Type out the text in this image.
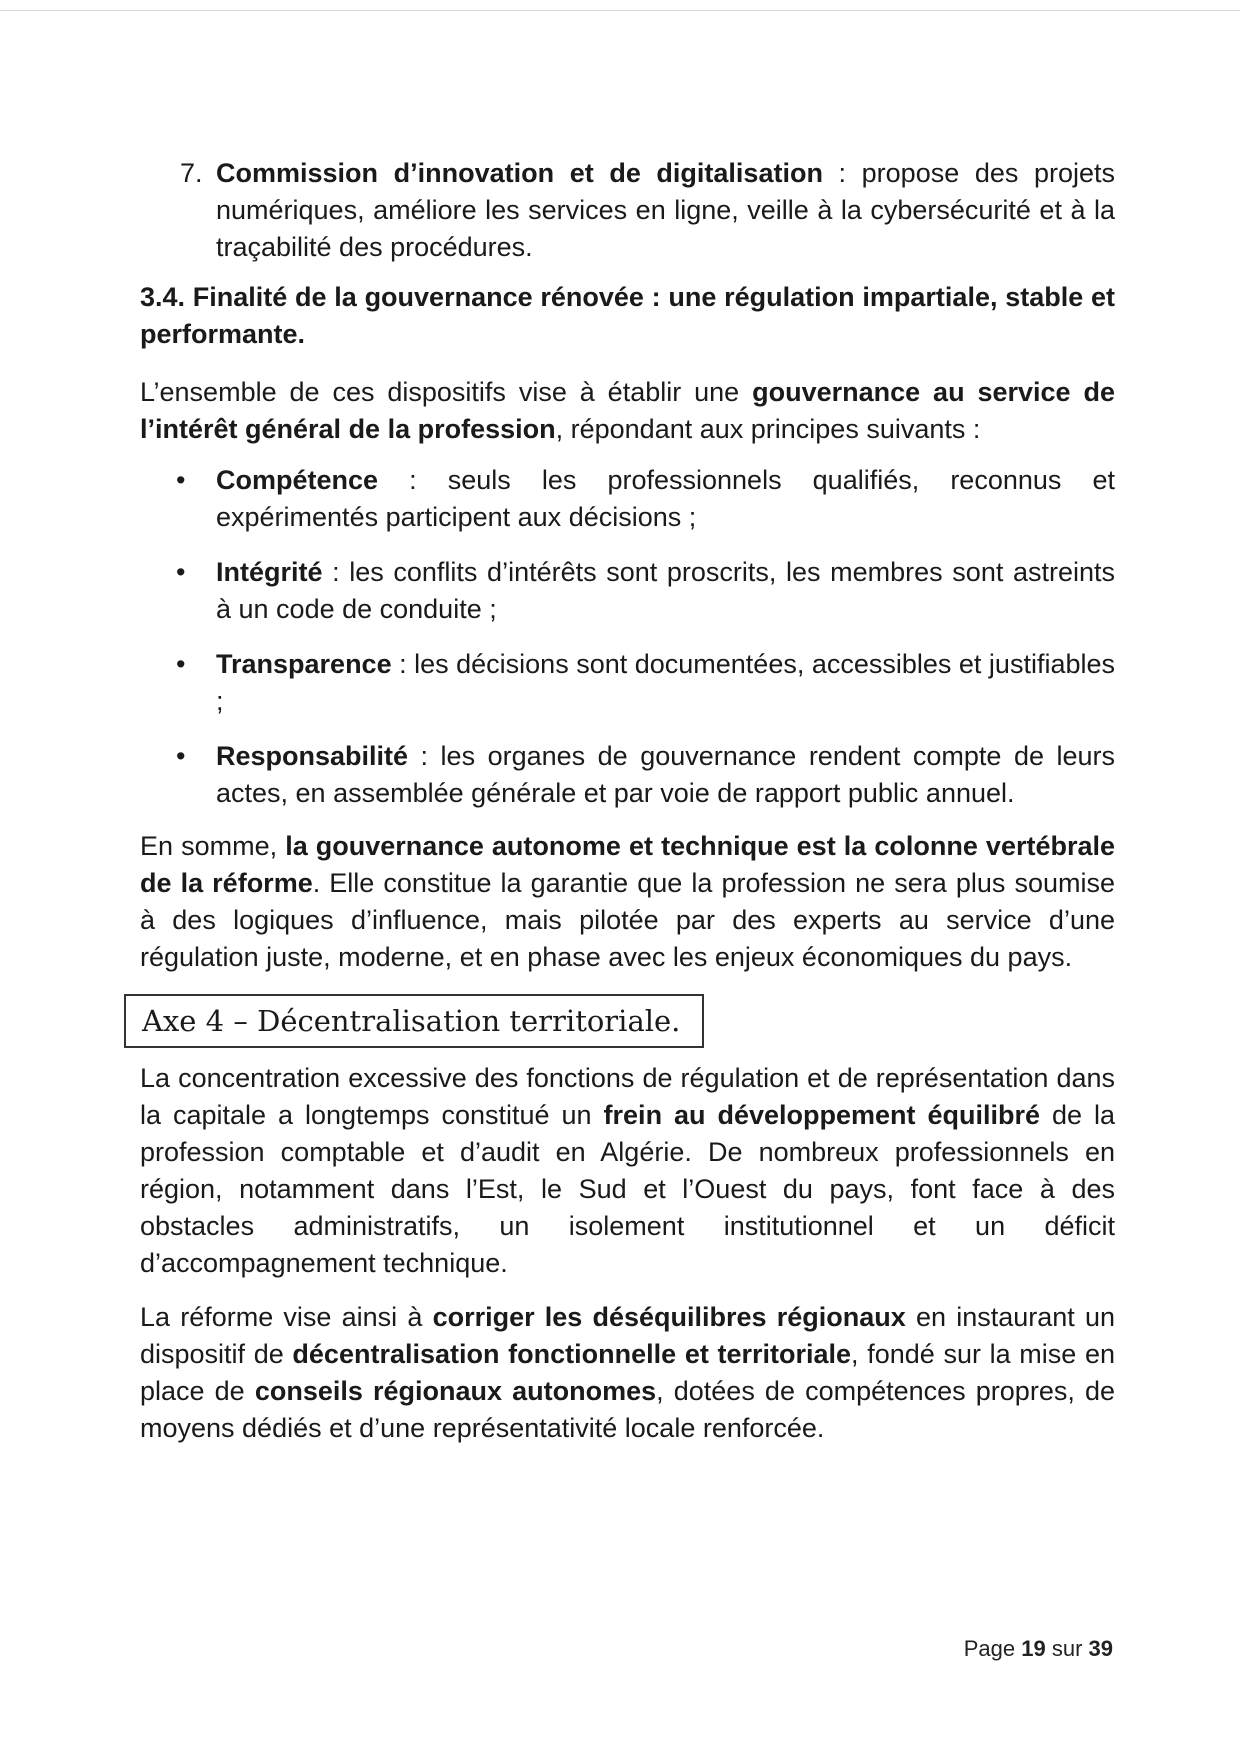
7. Commission d’innovation et de digitalisation : propose des projets numériques, améliore les services en ligne, veille à la cybersécurité et à la traçabilité des procédures.

3.4. Finalité de la gouvernance rénovée : une régulation impartiale, stable et performante.

L’ensemble de ces dispositifs vise à établir une gouvernance au service de l’intérêt général de la profession, répondant aux principes suivants :

• Compétence : seuls les professionnels qualifiés, reconnus et expérimentés participent aux décisions ;
• Intégrité : les conflits d’intérêts sont proscrits, les membres sont astreints à un code de conduite ;
• Transparence : les décisions sont documentées, accessibles et justifiables ;
• Responsabilité : les organes de gouvernance rendent compte de leurs actes, en assemblée générale et par voie de rapport public annuel.

En somme, la gouvernance autonome et technique est la colonne vertébrale de la réforme. Elle constitue la garantie que la profession ne sera plus soumise à des logiques d’influence, mais pilotée par des experts au service d’une régulation juste, moderne, et en phase avec les enjeux économiques du pays.

Axe 4 – Décentralisation territoriale.

La concentration excessive des fonctions de régulation et de représentation dans la capitale a longtemps constitué un frein au développement équilibré de la profession comptable et d’audit en Algérie. De nombreux professionnels en région, notamment dans l’Est, le Sud et l’Ouest du pays, font face à des obstacles administratifs, un isolement institutionnel et un déficit d’accompagnement technique.

La réforme vise ainsi à corriger les déséquilibres régionaux en instaurant un dispositif de décentralisation fonctionnelle et territoriale, fondé sur la mise en place de conseils régionaux autonomes, dotées de compétences propres, de moyens dédiés et d’une représentativité locale renforcée.

Page 19 sur 39
